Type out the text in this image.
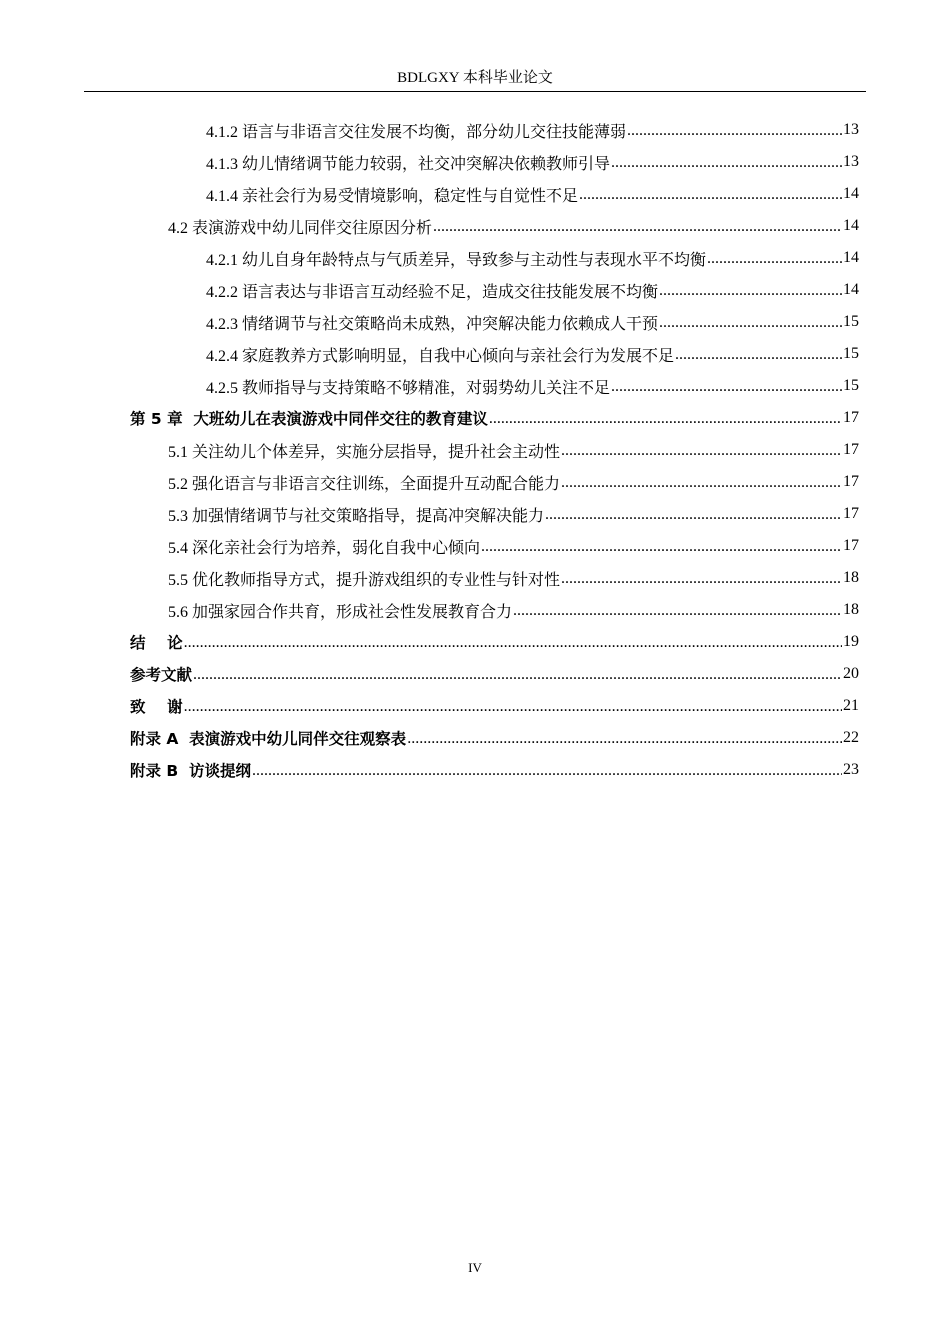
BDLGXY 本科毕业论文
4.1.2 语言与非语言交往发展不均衡，部分幼儿交往技能薄弱 .....	13
4.1.3 幼儿情绪调节能力较弱，社交冲突解决依赖教师引导 .....	13
4.1.4 亲社会行为易受情境影响，稳定性与自觉性不足 .....	14
4.2 表演游戏中幼儿同伴交往原因分析 .....	14
4.2.1 幼儿自身年龄特点与气质差异，导致参与主动性与表现水平不均衡 .....	14
4.2.2 语言表达与非语言互动经验不足，造成交往技能发展不均衡 .....	14
4.2.3 情绪调节与社交策略尚未成熟，冲突解决能力依赖成人干预 .....	15
4.2.4 家庭教养方式影响明显，自我中心倾向与亲社会行为发展不足 .....	15
4.2.5 教师指导与支持策略不够精准，对弱势幼儿关注不足 .....	15
第 5 章  大班幼儿在表演游戏中同伴交往的教育建议 .....	17
5.1 关注幼儿个体差异，实施分层指导，提升社会主动性 .....	17
5.2 强化语言与非语言交往训练，全面提升互动配合能力 .....	17
5.3 加强情绪调节与社交策略指导，提高冲突解决能力 .....	17
5.4 深化亲社会行为培养，弱化自我中心倾向 .....	17
5.5 优化教师指导方式，提升游戏组织的专业性与针对性 .....	18
5.6 加强家园合作共育，形成社会性发展教育合力 .....	18
结    论 .....	19
参考文献 .....	20
致    谢 .....	21
附录 A  表演游戏中幼儿同伴交往观察表 .....	22
附录 B  访谈提纲 .....	23
IV
